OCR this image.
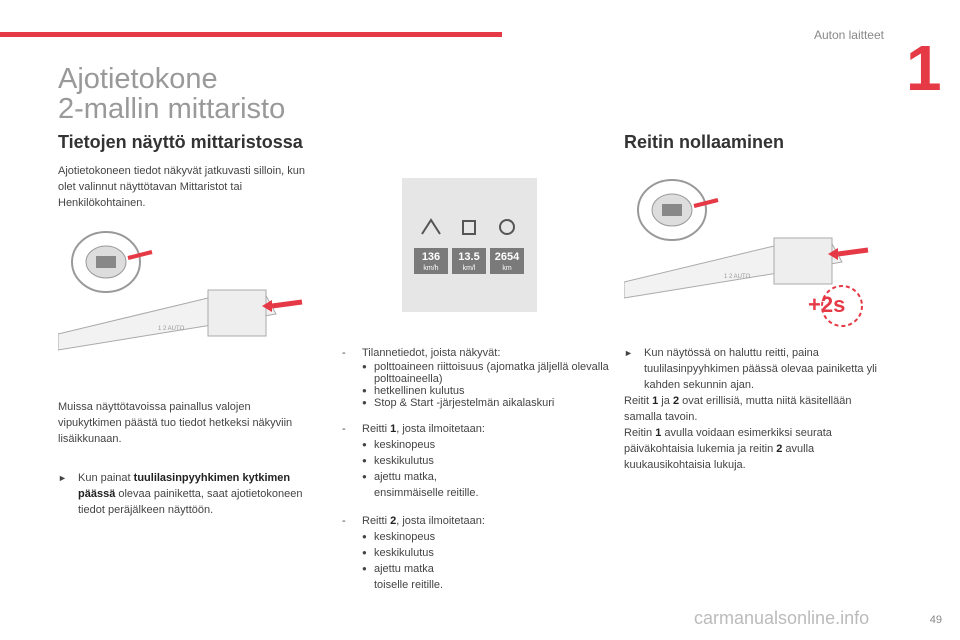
Auton laitteet 1
Ajotietokone
2-mallin mittaristo
Tietojen näyttö mittaristossa
Ajotietokoneen tiedot näkyvät jatkuvasti silloin, kun olet valinnut näyttötavan Mittaristot tai Henkilökohtainen.
1 2 AUTO
Muissa näyttötavoissa painallus valojen vipukytkimen päästä tuo tiedot hetkeksi näkyviin lisäikkunaan.
► Kun painat tuulilasinpyyhkimen kytkimen päässä olevaa painiketta, saat ajotietokoneen tiedot peräjälkeen näyttöön.
136
km/h
13.5
km/l
2654
km
- Tilannetiedot, joista näkyvät:
● polttoaineen riittoisuus (ajomatka jäljellä olevalla polttoaineella)
● hetkellinen kulutus
● Stop & Start -järjestelmän aikalaskuri
- Reitti 1, josta ilmoitetaan:
● keskinopeus
● keskikulutus
● ajettu matka,
ensimmäiselle reitille.
- Reitti 2, josta ilmoitetaan:
● keskinopeus
● keskikulutus
● ajettu matka
toiselle reitille.
Reitin nollaaminen
1 2 AUTO
+2s
► Kun näytössä on haluttu reitti, paina tuulilasinpyyhkimen päässä olevaa painiketta yli kahden sekunnin ajan.
Reitit 1 ja 2 ovat erillisiä, mutta niitä käsitellään samalla tavoin.
Reitin 1 avulla voidaan esimerkiksi seurata päiväkohtaisia lukemia ja reitin 2 avulla kuukausikohtaisia lukuja.
carmanualsonline.info	49
